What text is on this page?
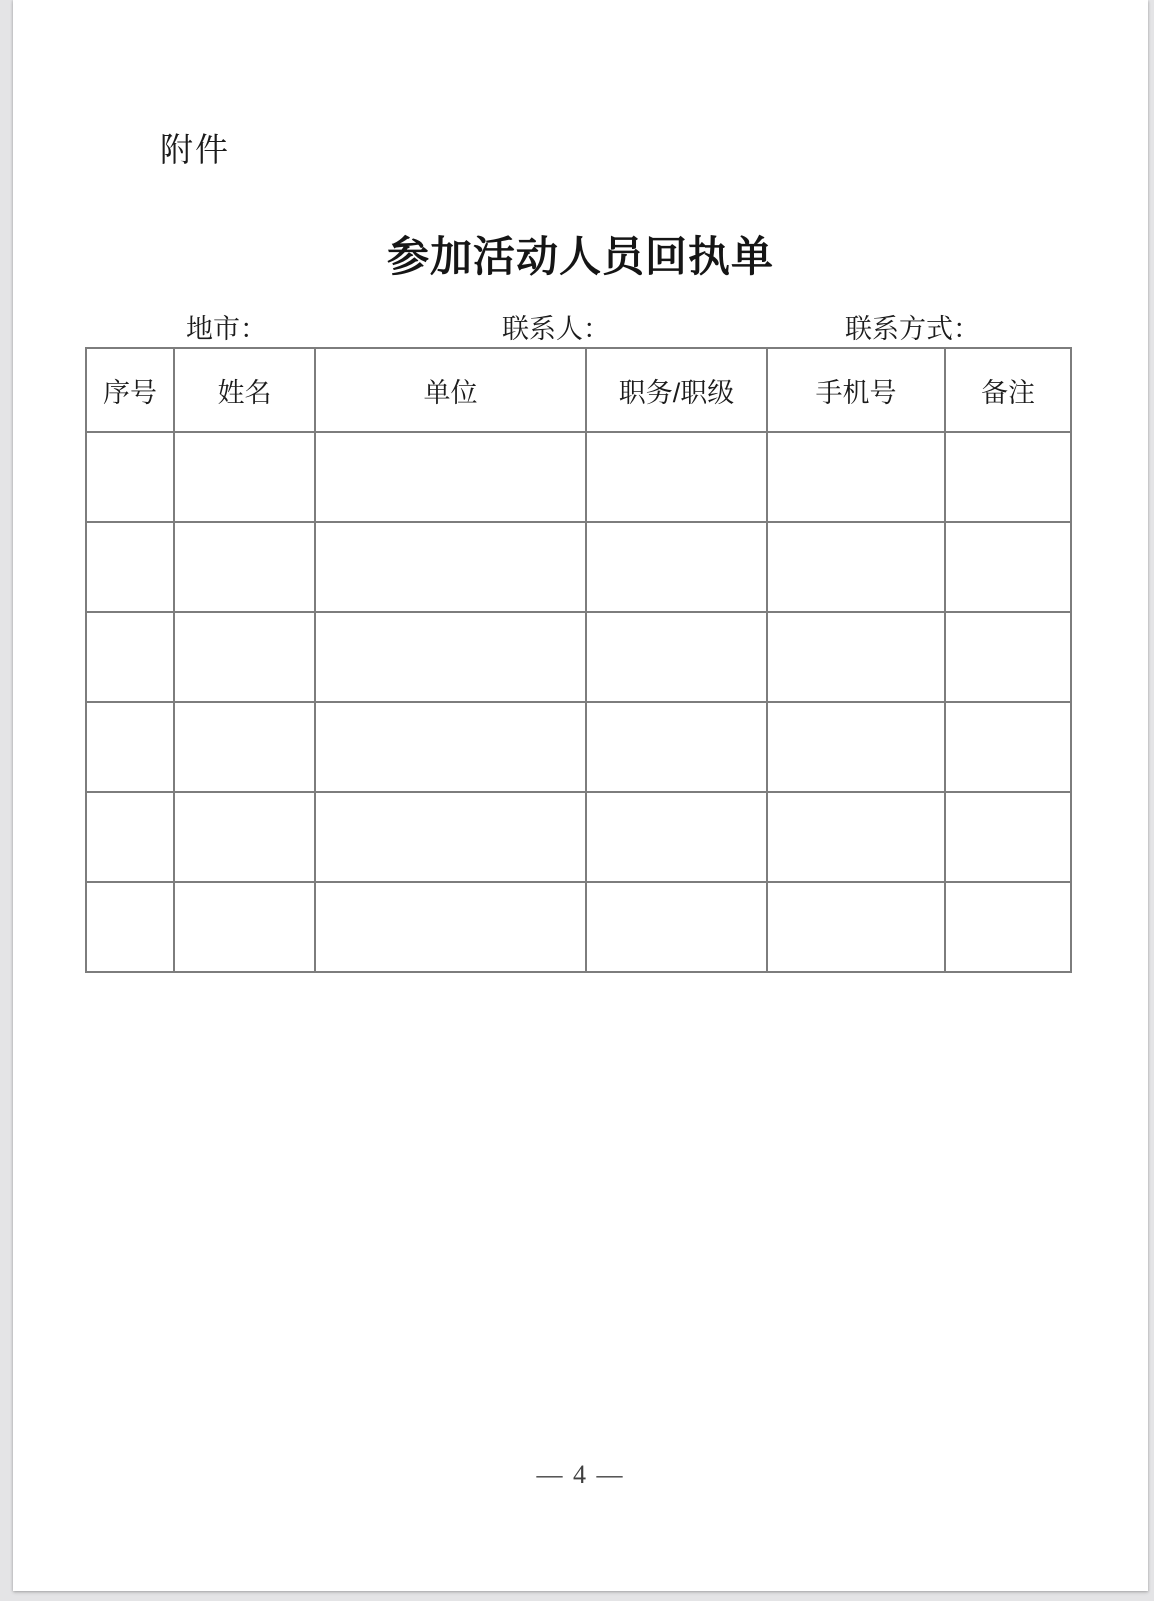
附件
参加活动人员回执单
地市：	联系人：	联系方式：
序号	姓名	单位	职务/职级	手机号	备注

— 4 —
